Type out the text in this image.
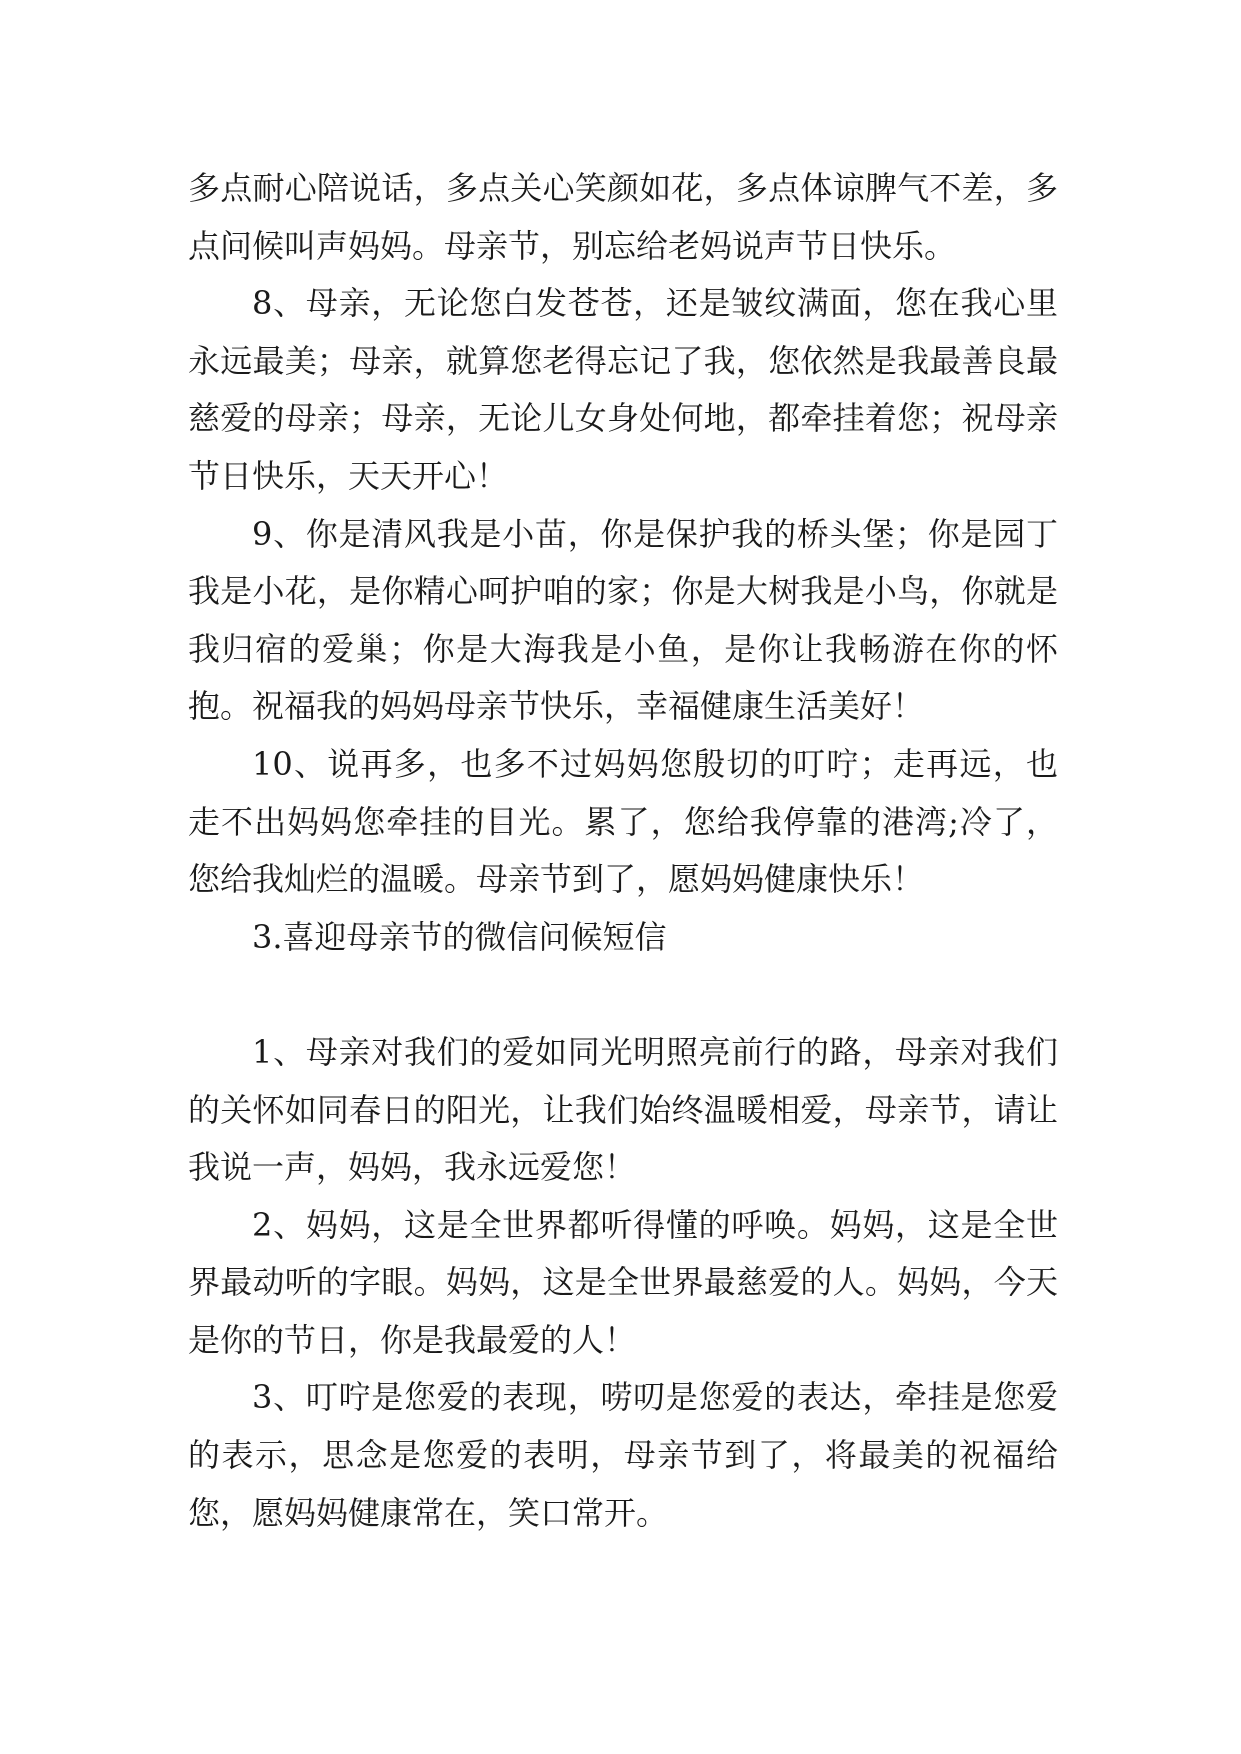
多点耐心陪说话，多点关心笑颜如花，多点体谅脾气不差，多点问候叫声妈妈。母亲节，别忘给老妈说声节日快乐。

8、母亲，无论您白发苍苍，还是皱纹满面，您在我心里永远最美；母亲，就算您老得忘记了我，您依然是我最善良最慈爱的母亲；母亲，无论儿女身处何地，都牵挂着您；祝母亲节日快乐，天天开心！

9、你是清风我是小苗，你是保护我的桥头堡；你是园丁我是小花，是你精心呵护咱的家；你是大树我是小鸟，你就是我归宿的爱巢；你是大海我是小鱼，是你让我畅游在你的怀抱。祝福我的妈妈母亲节快乐，幸福健康生活美好！

10、说再多，也多不过妈妈您殷切的叮咛；走再远，也走不出妈妈您牵挂的目光。累了，您给我停靠的港湾;冷了，您给我灿烂的温暖。母亲节到了，愿妈妈健康快乐！

3.喜迎母亲节的微信问候短信

1、母亲对我们的爱如同光明照亮前行的路，母亲对我们的关怀如同春日的阳光，让我们始终温暖相爱，母亲节，请让我说一声，妈妈，我永远爱您！

2、妈妈，这是全世界都听得懂的呼唤。妈妈，这是全世界最动听的字眼。妈妈，这是全世界最慈爱的人。妈妈，今天是你的节日，你是我最爱的人！

3、叮咛是您爱的表现，唠叨是您爱的表达，牵挂是您爱的表示，思念是您爱的表明，母亲节到了，将最美的祝福给您，愿妈妈健康常在，笑口常开。
